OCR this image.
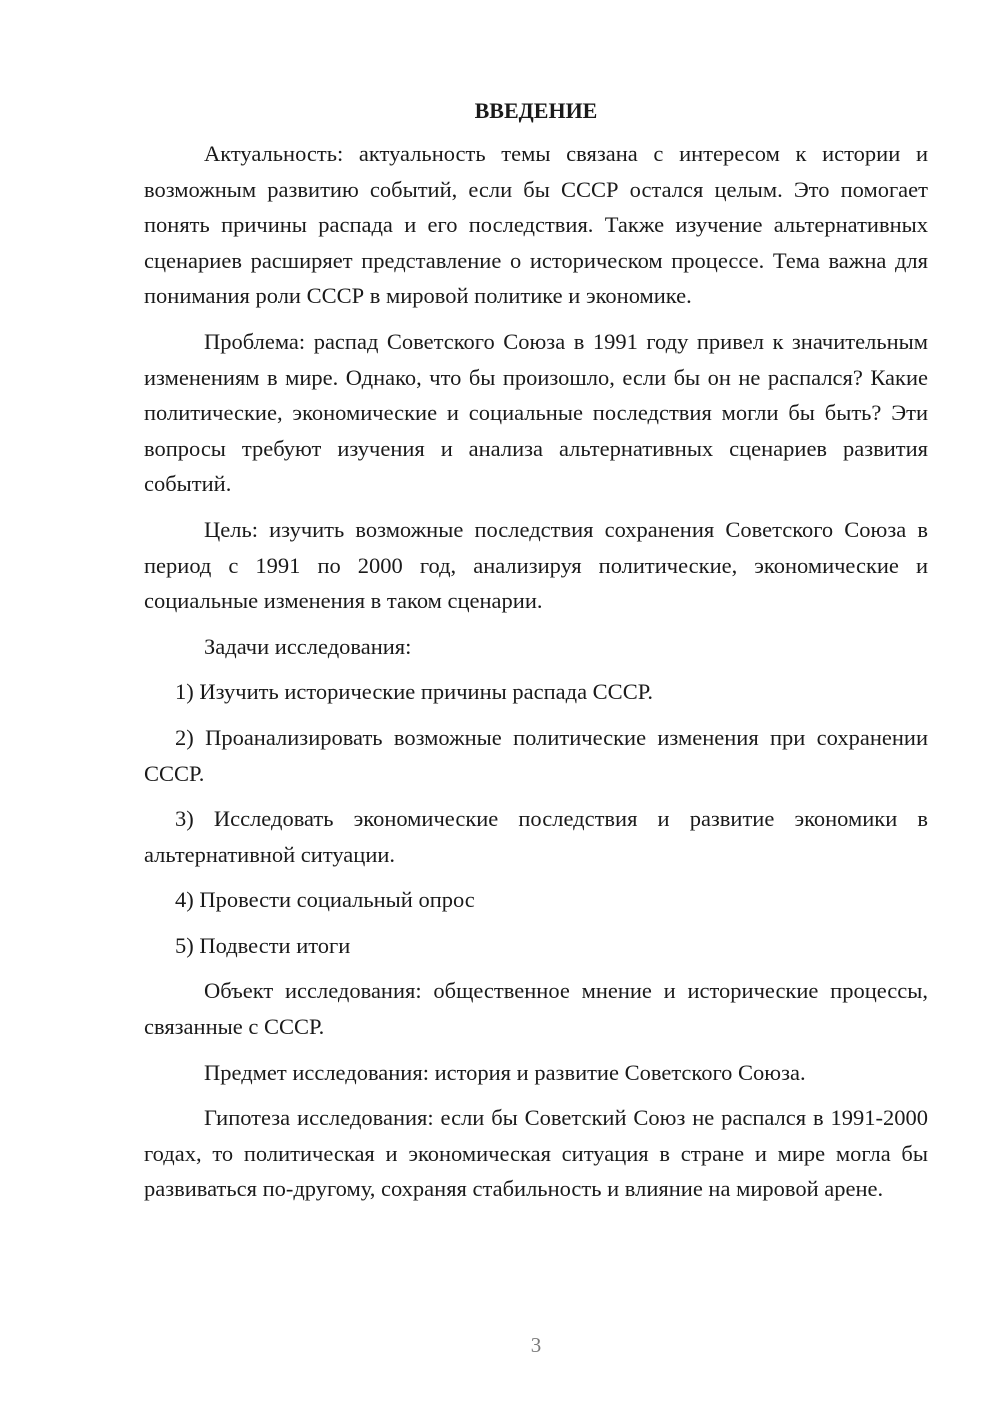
ВВЕДЕНИЕ

Актуальность: актуальность темы связана с интересом к истории и возможным развитию событий, если бы СССР остался целым. Это помогает понять причины распада и его последствия. Также изучение альтернативных сценариев расширяет представление о историческом процессе. Тема важна для понимания роли СССР в мировой политике и экономике.

Проблема: распад Советского Союза в 1991 году привел к значительным изменениям в мире. Однако, что бы произошло, если бы он не распался? Какие политические, экономические и социальные последствия могли бы быть? Эти вопросы требуют изучения и анализа альтернативных сценариев развития событий.

Цель: изучить возможные последствия сохранения Советского Союза в период с 1991 по 2000 год, анализируя политические, экономические и социальные изменения в таком сценарии.

Задачи исследования:

1) Изучить исторические причины распада СССР.

2) Проанализировать возможные политические изменения при сохранении СССР.

3) Исследовать экономические последствия и развитие экономики в альтернативной ситуации.

4) Провести социальный опрос

5) Подвести итоги

Объект исследования: общественное мнение и исторические процессы, связанные с СССР.

Предмет исследования: история и развитие Советского Союза.

Гипотеза исследования: если бы Советский Союз не распался в 1991-2000 годах, то политическая и экономическая ситуация в стране и мире могла бы развиваться по-другому, сохраняя стабильность и влияние на мировой арене.

3
